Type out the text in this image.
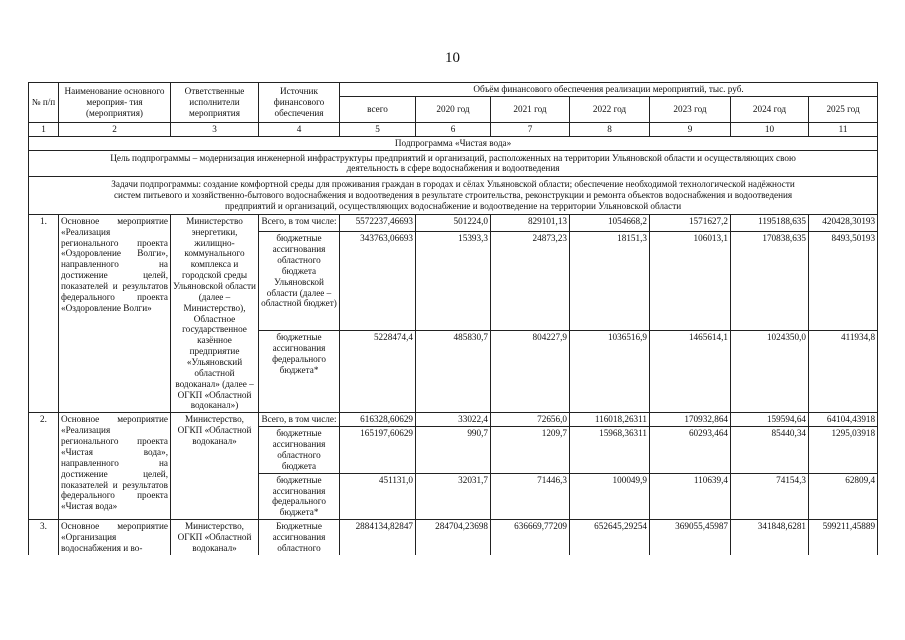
10
№ п/п	Наименование основного мероприя- тия (мероприятия)	Ответственные исполнители мероприятия	Источник финансового обеспечения	Объём финансового обеспечения реализации мероприятий, тыс. руб.						
				всего	2020 год	2021 год	2022 год	2023 год	2024 год	2025 год
1	2	3	4	5	6	7	8	9	10	11
Подпрограмма «Чистая вода»										
Цель подпрограммы – модернизация инженерной инфраструктуры предприятий и организаций, расположенных на территории Ульяновской области и осуществляющих свою деятельность в сфере водоснабжения и водоотведения										
Задачи подпрограммы: создание комфортной среды для проживания граждан в городах и сёлах Ульяновской области; обеспечение необходимой технологической надёжности систем питьевого и хозяйственно-бытового водоснабжения и водоотведения в результате строительства, реконструкции и ремонта объектов водоснабжения и водоотведения предприятий и организаций, осуществляющих водоснабжение и водоотведение на территории Ульяновской области										
1.	Основное мероприятие «Реализация регионального проекта «Оздоровление Волги», направленного на достижение целей, показателей и результатов федерального проекта «Оздоровление Волги»	Министерство энергетики, жилищно-коммунального комплекса и городской среды Ульяновской области (далее – Министерство), Областное государственное казённое предприятие «Ульяновский областной водоканал» (далее – ОГКП «Областной водоканал»)	Всего, в том числе:	5572237,46693	501224,0	829101,13	1054668,2	1571627,2	1195188,635	420428,30193
			бюджетные ассигнования областного бюджета Ульяновской области (далее – областной бюджет)	343763,06693	15393,3	24873,23	18151,3	106013,1	170838,635	8493,50193
			бюджетные ассигнования федерального бюджета*	5228474,4	485830,7	804227,9	1036516,9	1465614,1	1024350,0	411934,8
2.	Основное мероприятие «Реализация регионального проекта «Чистая вода», направленного на достижение целей, показателей и результатов федерального проекта «Чистая вода»	Министерство, ОГКП «Областной водоканал»	Всего, в том числе:	616328,60629	33022,4	72656,0	116018,26311	170932,864	159594,64	64104,43918
			бюджетные ассигнования областного бюджета	165197,60629	990,7	1209,7	15968,36311	60293,464	85440,34	1295,03918
			бюджетные ассигнования федерального бюджета*	451131,0	32031,7	71446,3	100049,9	110639,4	74154,3	62809,4
3.	Основное мероприятие «Организация водоснабжения и во-	Министерство, ОГКП «Областной водоканал»	Бюджетные ассигнования областного	2884134,82847	284704,23698	636669,77209	652645,29254	369055,45987	341848,6281	599211,45889
